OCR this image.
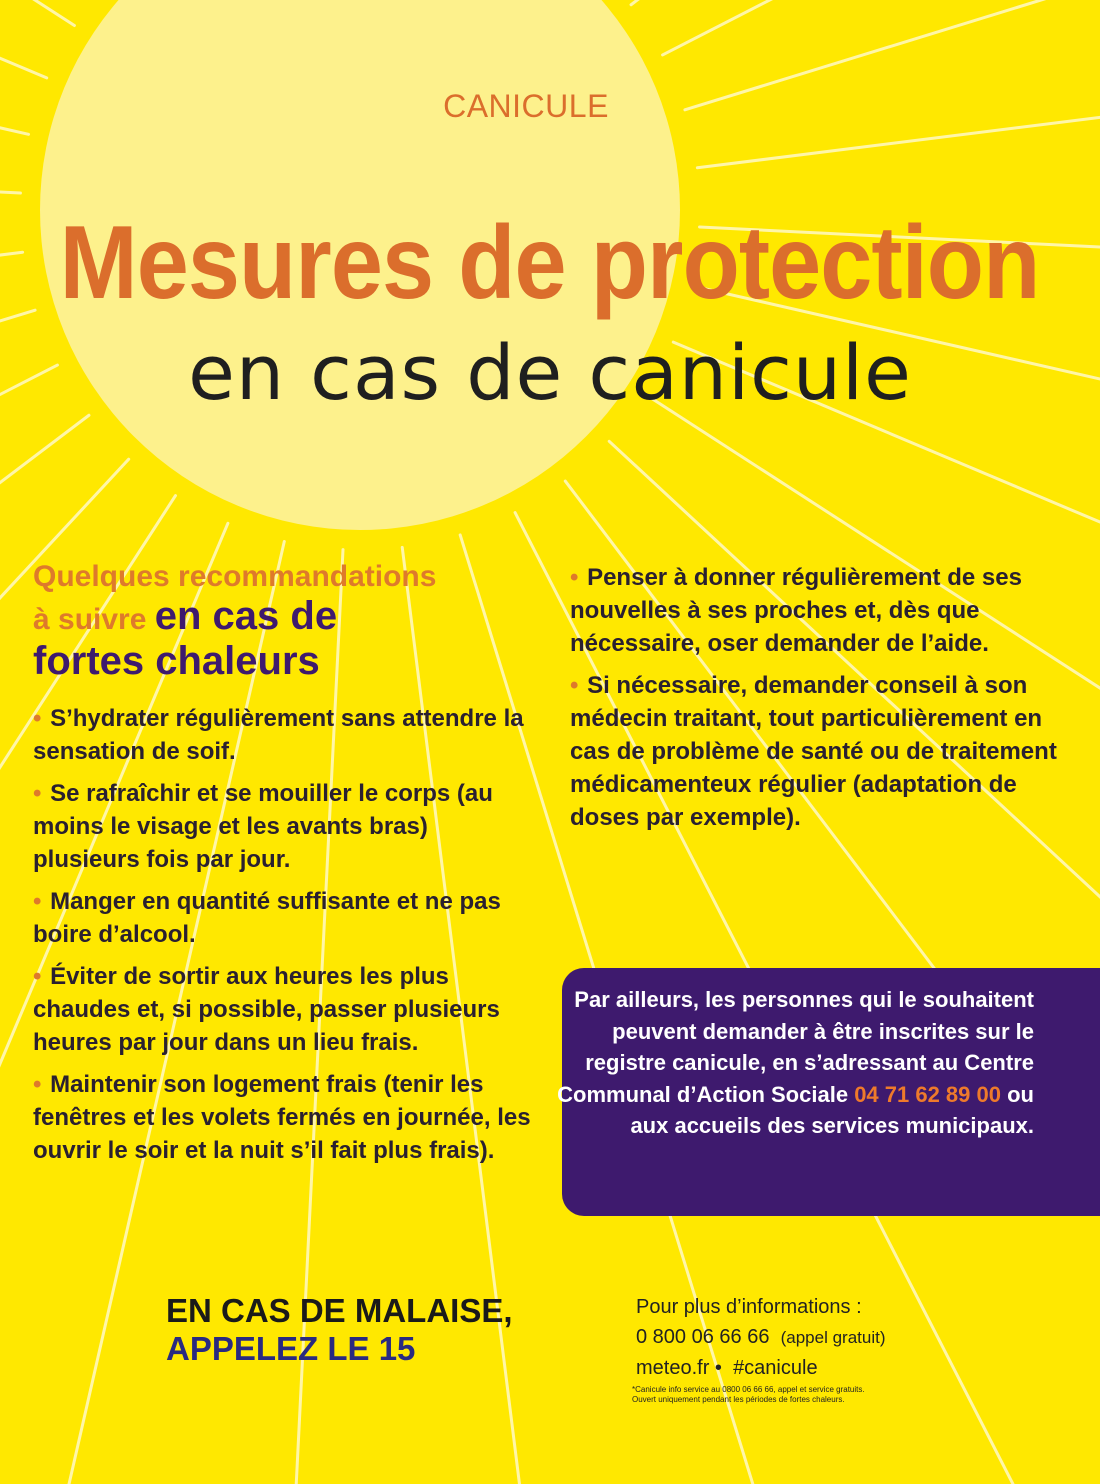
CANICULE
Mesures de protection
en cas de canicule
Quelques recommandations
à suivre en cas de
fortes chaleurs
• S’hydrater régulièrement sans attendre la sensation de soif.
• Se rafraîchir et se mouiller le corps (au moins le visage et les avants bras) plusieurs fois par jour.
• Manger en quantité suffisante et ne pas boire d’alcool.
• Éviter de sortir aux heures les plus chaudes et, si possible, passer plusieurs heures par jour dans un lieu frais.
• Maintenir son logement frais (tenir les fenêtres et les volets fermés en journée, les ouvrir le soir et la nuit s’il fait plus frais).
• Penser à donner régulièrement de ses nouvelles à ses proches et, dès que nécessaire, oser demander de l’aide.
• Si nécessaire, demander conseil à son médecin traitant, tout particulièrement en cas de problème de santé ou de traitement médicamenteux régulier (adaptation de doses par exemple).
Par ailleurs, les personnes qui le souhaitent peuvent demander à être inscrites sur le registre canicule, en s’adressant au Centre Communal d’Action Sociale 04 71 62 89 00 ou aux accueils des services municipaux.
EN CAS DE MALAISE,
APPELEZ LE 15
Pour plus d’informations :
0 800 06 66 66 (appel gratuit)
meteo.fr • #canicule
*Canicule info service au 0800 06 66 66, appel et service gratuits.
Ouvert uniquement pendant les périodes de fortes chaleurs.
